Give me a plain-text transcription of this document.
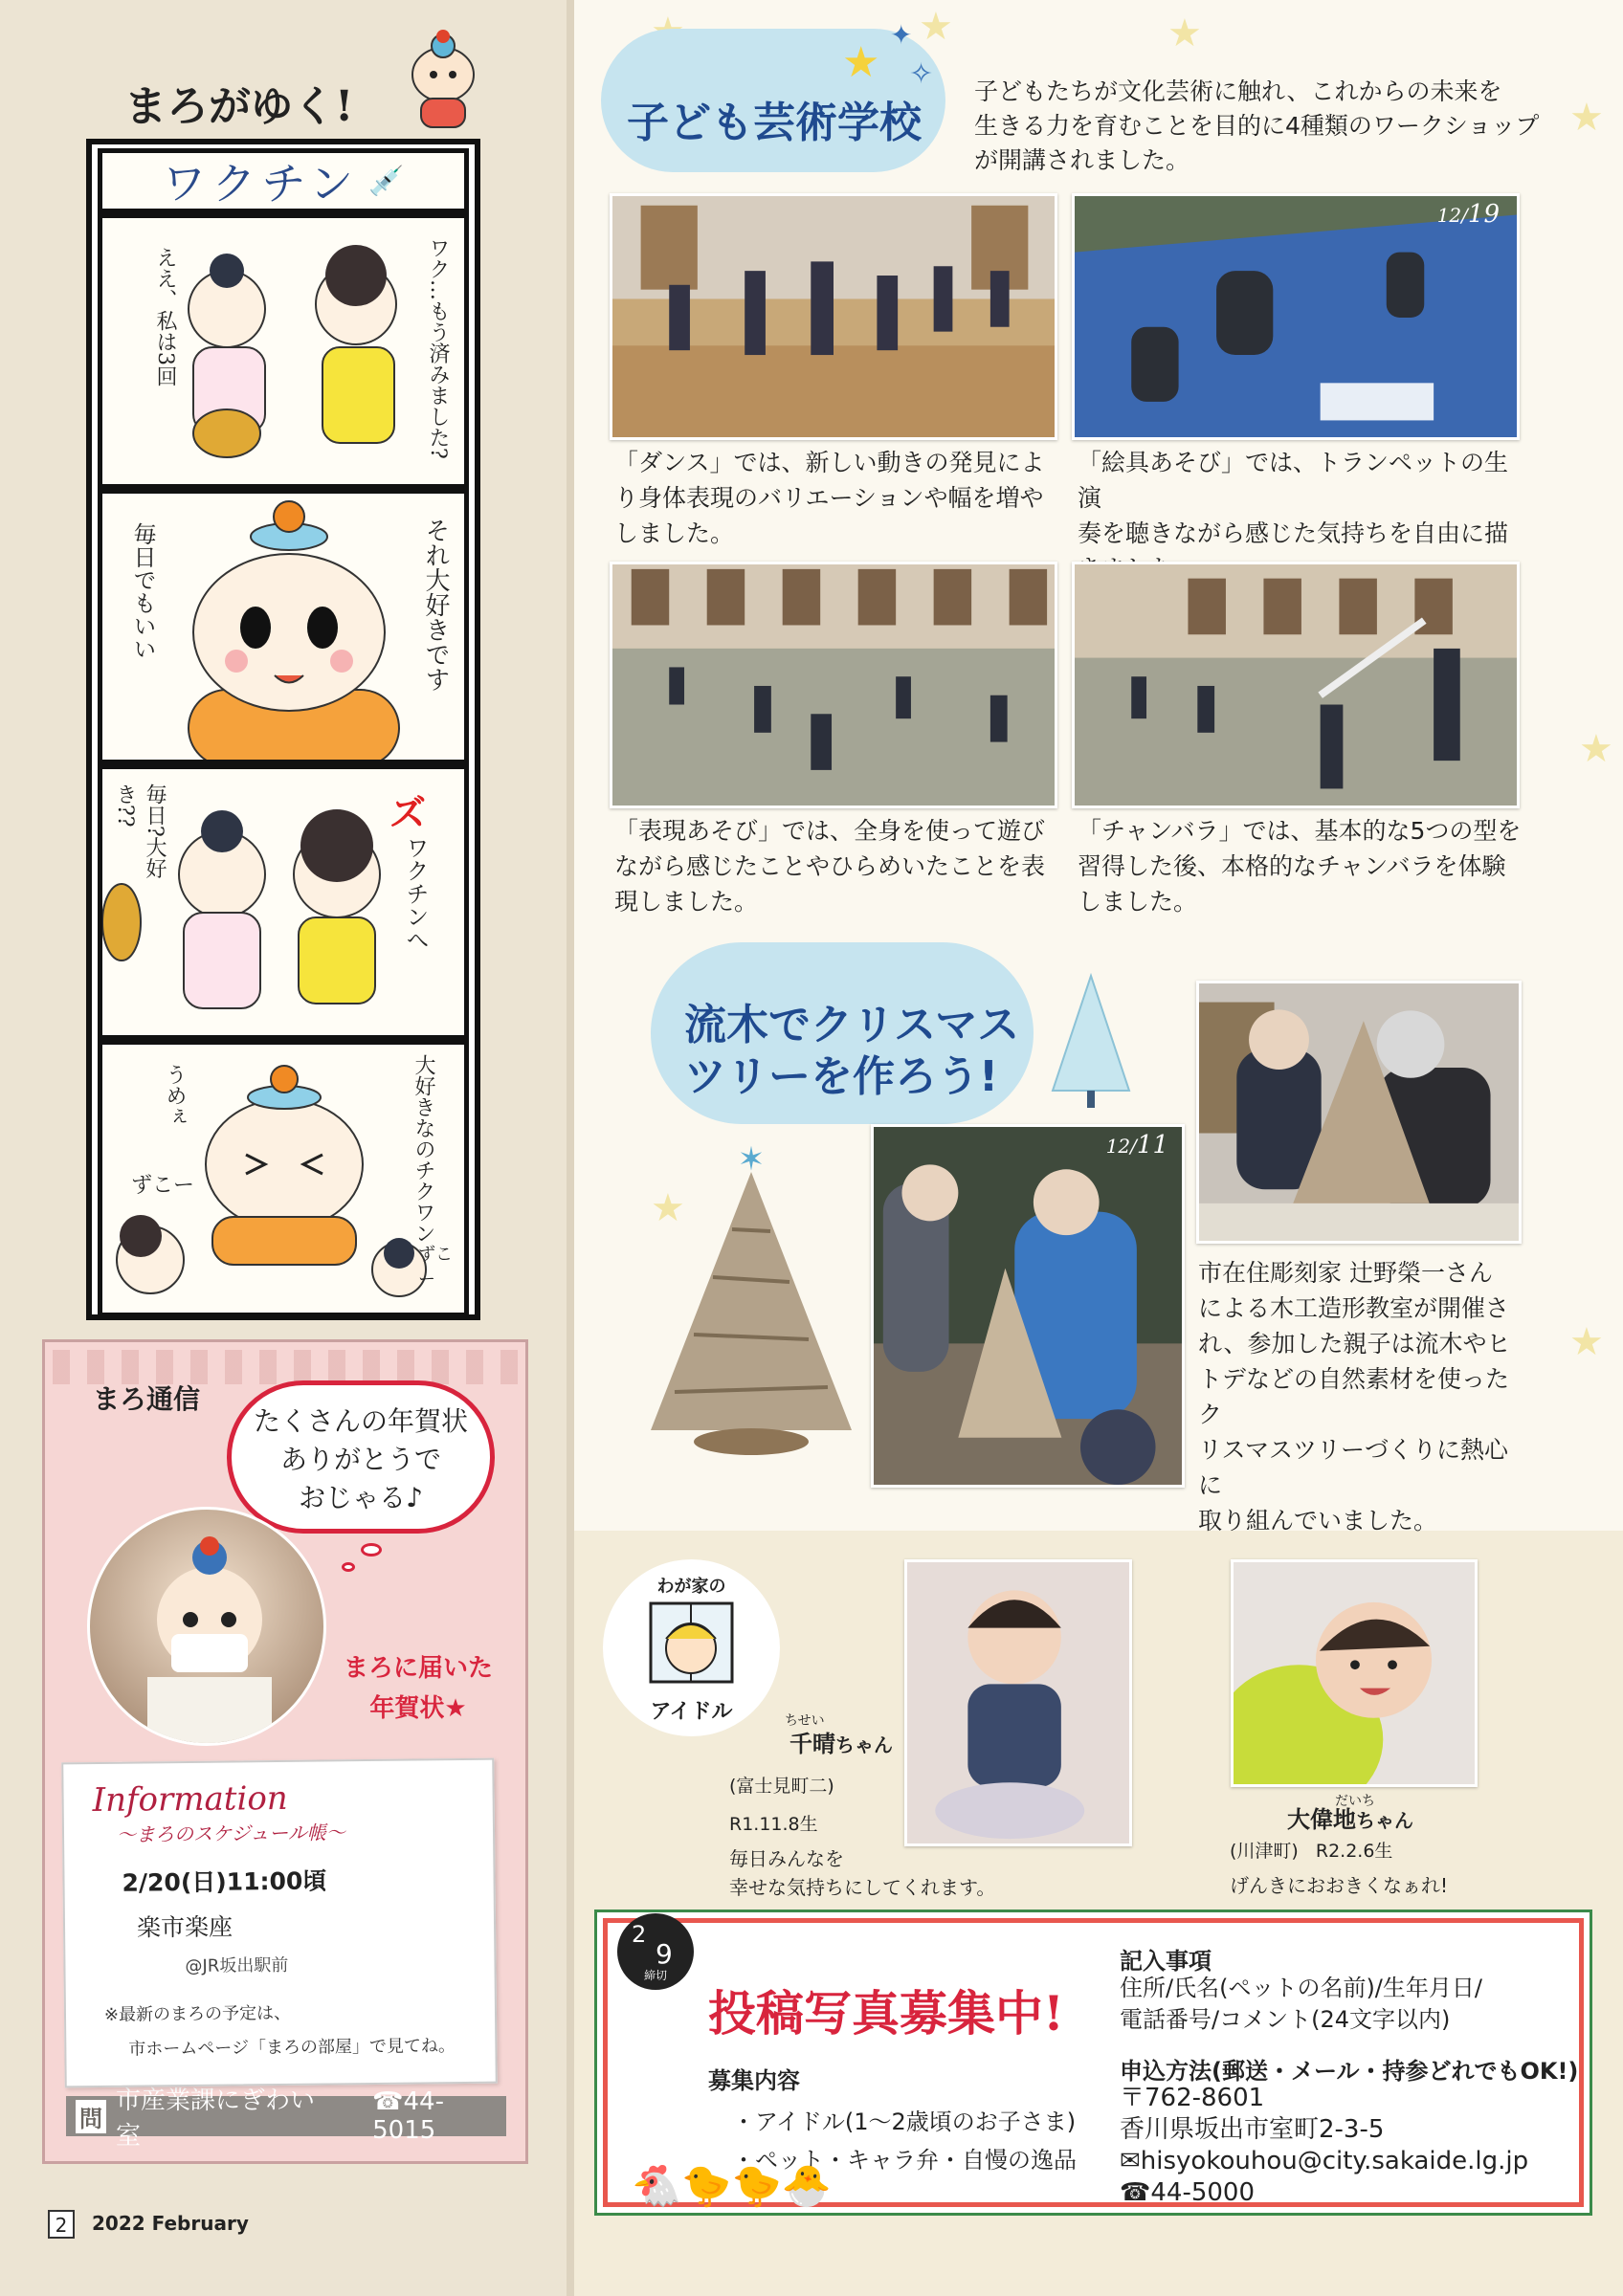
★	★
★
★
★
★
まろがゆく!
ワクチン 💉
ええ、私は3回	ワク…もう済みました?
毎日でもいい	それ大好きです
毎日?大好き??
ワクチンへ
ズ
うめぇ	大好きなのチクワン
ずこー
ずこー
まろ通信
たくさんの年賀状
ありがとうで
おじゃる♪
まろに届いた
年賀状★
問
市産業課にぎわい室
☎44-5015
Information
〜まろのスケジュール帳〜
2/20(日)11:00頃
楽市楽座
@JR坂出駅前
※最新のまろの予定は、
市ホームページ「まろの部屋」で見てね。
2	2022 February
子ども芸術学校
★
✦
✧
子どもたちが文化芸術に触れ、これからの未来を
生きる力を育むことを目的に4種類のワークショップ
が開講されました。
12/19
「ダンス」では、新しい動きの発見によ
り身体表現のバリエーションや幅を増や
しました。
「絵具あそび」では、トランペットの生演
奏を聴きながら感じた気持ちを自由に描
「表現あそび」では、全身を使って遊び
ながら感じたことやひらめいたことを表
現しました。
「チャンバラ」では、基本的な5つの型を
習得した後、本格的なチャンバラを体験
しました。
流木でクリスマス
ツリーを作ろう!
✶	12/11
市在住彫刻家 辻野榮一さん
による木工造形教室が開催さ
れ、参加した親子は流木やヒ
トデなどの自然素材を使ったク
リスマスツリーづくりに熱心に
取り組んでいました。
わが家の
アイドル	ちせい
千晴ちゃん
(富士見町二)
R1.11.8生
毎日みんなを
幸せな気持ちにしてくれます。
だいち
大偉地ちゃん
(川津町) R2.2.6生
げんきにおおきくなぁれ!
2
9
締切
投稿写真募集中!
募集内容
・アイドル(1〜2歳頃のお子さま)
・ペット・キャラ弁・自慢の逸品
記入事項
住所/氏名(ペットの名前)/生年月日/
電話番号/コメント(24文字以内)
申込方法(郵送・メール・持参どれでもOK!)
〒762-8601
香川県坂出市室町2-3-5
✉hisyokouhou@city.sakaide.lg.jp
☎44-5000
🐔🐤🐤🐣
